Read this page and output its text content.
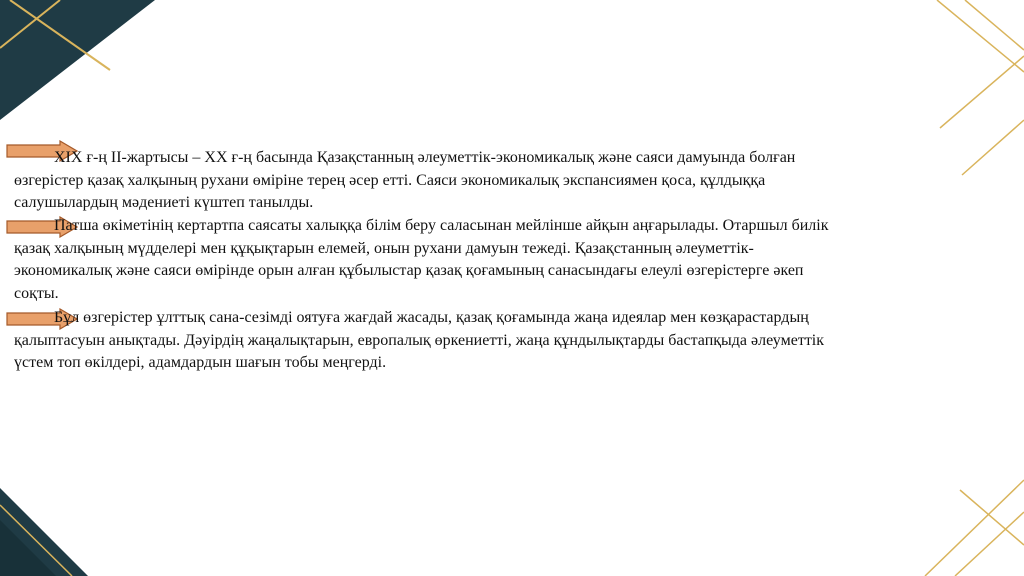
XIX ғ-ң II-жартысы – XX ғ-ң басында Қазақстанның әлеуметтік-экономикалық және саяси дамуында болған өзгерістер қазақ халқының рухани өміріне терең әсер етті. Саяси экономикалық экспансиямен қоса, құлдыққа салушылардың мәдениеті күштеп танылды.

Патша өкіметінің кертартпа саясаты халыққа білім беру саласынан мейлінше айқын аңғарылады. Отаршыл билік қазақ халқының мүдделері мен құқықтарын елемей, онын рухани дамуын тежеді. Қазақстанның әлеуметтік-экономикалық және саяси өмірінде орын алған құбылыстар қазақ қоғамының санасындағы елеулі өзгерістерге әкеп соқты.

Бұл өзгерістер ұлттық сана-сезімді оятуға жағдай жасады, қазақ қоғамында жаңа идеялар мен көзқарастардың қалыптасуын анықтады. Дәуірдің жаңалықтарын, европалық өркениетті, жаңа құндылықтарды бастапқыда әлеуметтік үстем топ өкілдері, адамдардын шағын тобы меңгерді.
